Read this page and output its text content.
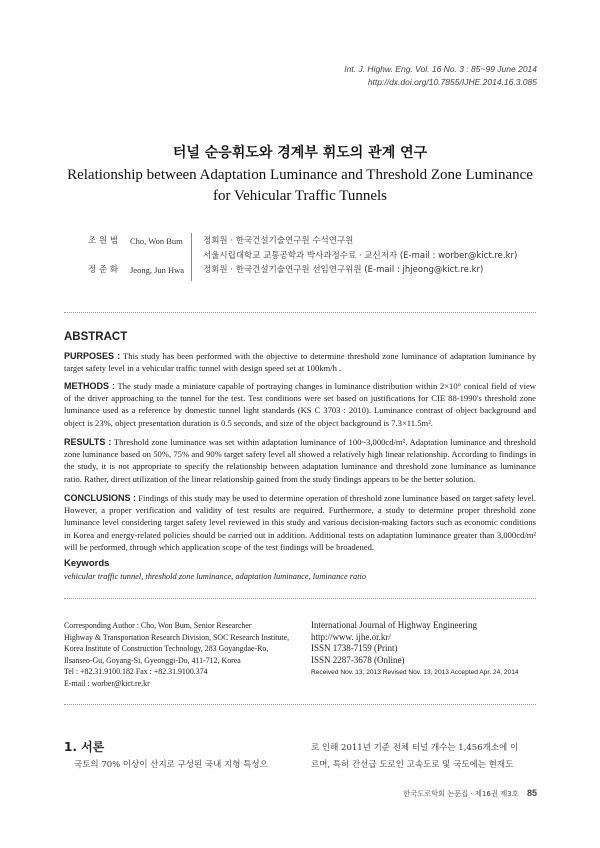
Int. J. Highw. Eng. Vol. 16 No. 3 : 85~99 June 2014
http://dx.doi.org/10.7855/IJHE.2014.16.3.085
터널 순응휘도와 경계부 휘도의 관계 연구
Relationship between Adaptation Luminance and Threshold Zone Luminance
for Vehicular Traffic Tunnels
조 원 범 Cho, Won Bum 정회원 · 한국건설기술연구원 수석연구원
서울시립대학교 교통공학과 박사과정수료 · 교신저자 (E-mail : worber@kict.re.kr)
정 준 화 Jeong, Jun Hwa 정회원 · 한국건설기술연구원 선임연구위원 (E-mail : jhjeong@kict.re.kr)
ABSTRACT
PURPOSES : This study has been performed with the objective to determine threshold zone luminance of adaptation luminance by target safety level in a vehicular traffic tunnel with design speed set at 100km/h .
METHODS : The study made a miniature capable of portraying changes in luminance distribution within 2×10° conical field of view of the driver approaching to the tunnel for the test. Test conditions were set based on justifications for CIE 88-1990's threshold zone luminance used as a reference by domestic tunnel light standards (KS C 3703 : 2010). Luminance contrast of object background and object is 23%, object presentation duration is 0.5 seconds, and size of the object background is 7.3×11.5m².
RESULTS : Threshold zone luminance was set within adaptation luminance of 100~3,000cd/m². Adaptation luminance and threshold zone luminance based on 50%, 75% and 90% target safety level all showed a relatively high linear relationship. According to findings in the study, it is not appropriate to specify the relationship between adaptation luminance and threshold zone luminance as luminance ratio. Rather, direct utilization of the linear relationship gained from the study findings appears to be the better solution.
CONCLUSIONS : Findings of this study may be used to determine operation of threshold zone luminance based on target safety level. However, a proper verification and validity of test results are required. Furthermore, a study to determine proper threshold zone luminance level considering target safety level reviewed in this study and various decision-making factors such as economic conditions in Korea and energy-related policies should be carried out in addition. Additional tests on adaptation luminance greater than 3,000cd/m² will be performed, through which application scope of the test findings will be broadened.
Keywords
vehicular traffic tunnel, threshold zone luminance, adaptation luminance, luminance ratio
Corresponding Author : Cho, Won Bum, Senior Researcher
Highway & Transportation Research Division, SOC Research Institute,
Korea Institute of Construction Technology, 283 Goyangdae-Ro,
Ilsanseo-Gu, Goyang-Si, Gyeonggi-Do, 411-712, Korea
Tel : +82.31.9100.182 Fax : +82.31.9100.374
E-mail : worber@kict.re.kr
International Journal of Highway Engineering
http://www. ijhe.or.kr/
ISSN 1738-7159 (Print)
ISSN 2287-3678 (Online)
Received Nov. 13, 2013 Revised Nov. 13, 2013 Accepted Apr. 24, 2014
1. 서론
국토의 70% 이상이 산지로 구성된 국내 지형 특성으
로 인해 2011년 기준 전체 터널 개수는 1,456개소에 이
르며, 특히 간선급 도로인 고속도로 및 국도에는 현재도
한국도로학회 논문집 · 제16권 제3호 85
